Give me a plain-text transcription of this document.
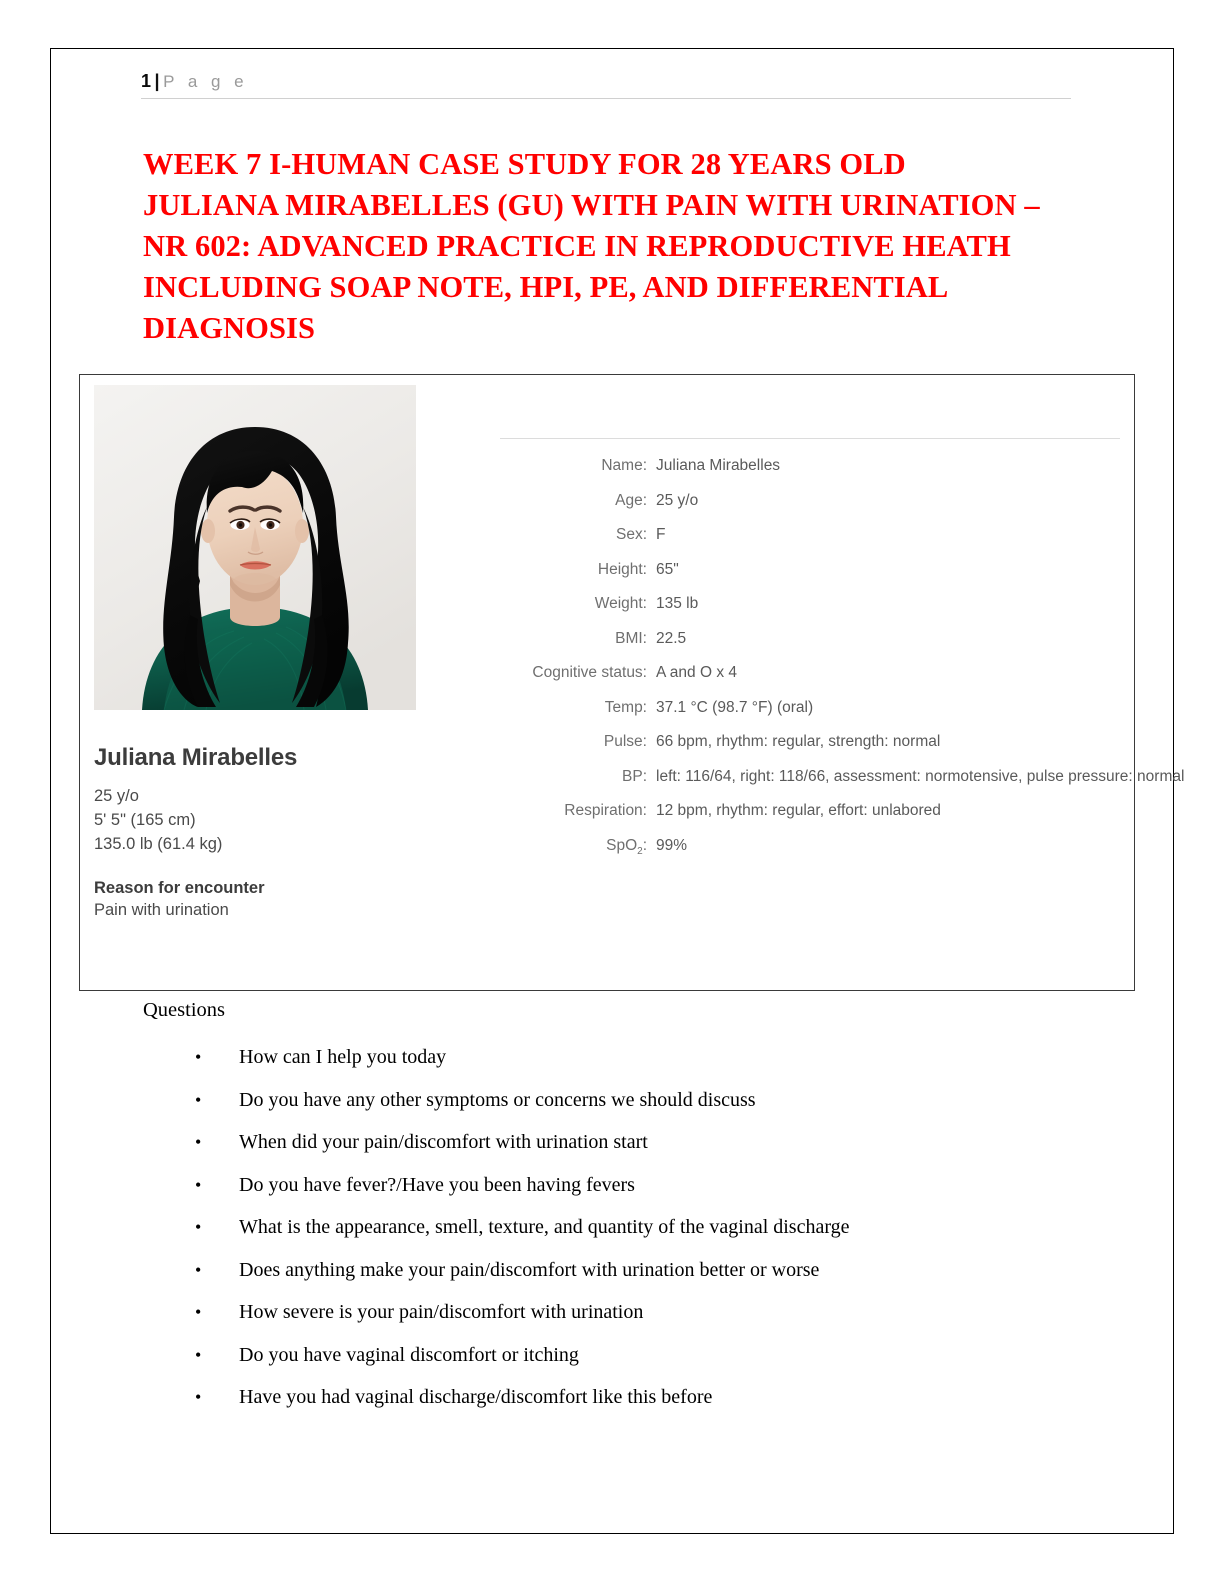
1 | P a g e
WEEK 7 I-HUMAN CASE STUDY FOR 28 YEARS OLD JULIANA MIRABELLES (GU) WITH PAIN WITH URINATION – NR 602: ADVANCED PRACTICE IN REPRODUCTIVE HEATH INCLUDING SOAP NOTE, HPI, PE, AND DIFFERENTIAL DIAGNOSIS
Juliana Mirabelles
25 y/o
5' 5" (165 cm)
135.0 lb (61.4 kg)
Reason for encounter
Pain with urination
Name: Juliana Mirabelles
Age: 25 y/o
Sex: F
Height: 65"
Weight: 135 lb
BMI: 22.5
Cognitive status: A and O x 4
Temp: 37.1 °C (98.7 °F) (oral)
Pulse: 66 bpm, rhythm: regular, strength: normal
BP: left: 116/64, right: 118/66, assessment: normotensive, pulse pressure: normal
Respiration: 12 bpm, rhythm: regular, effort: unlabored
SpO$_2$: 99%
Questions
•	How can I help you today
•	Do you have any other symptoms or concerns we should discuss
•	When did your pain/discomfort with urination start
•	Do you have fever?/Have you been having fevers
•	What is the appearance, smell, texture, and quantity of the vaginal discharge
•	Does anything make your pain/discomfort with urination better or worse
•	How severe is your pain/discomfort with urination
•	Do you have vaginal discomfort or itching
•	Have you had vaginal discharge/discomfort like this before
